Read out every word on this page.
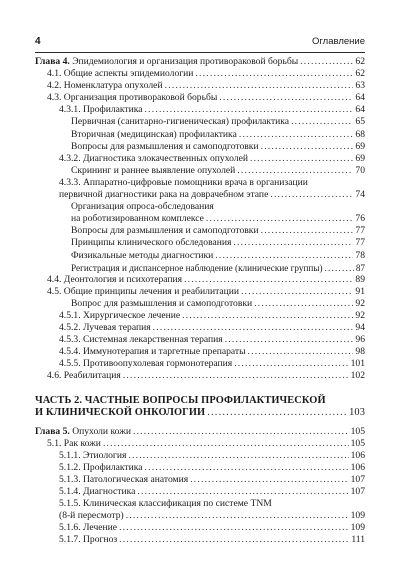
4	Оглавление
Глава 4. Эпидемиология и организация противораковой борьбы .....	62
4.1. Общие аспекты эпидемиологии .....	62
4.2. Номенклатура опухолей .....	63
4.3. Организация противораковой борьбы .....	64
4.3.1. Профилактика .....	64
Первичная (санитарно-гигиеническая) профилактика .....	65
Вторичная (медицинская) профилактика .....	68
Вопросы для размышления и самоподготовки .....	69
4.3.2. Диагностика злокачественных опухолей .....	69
Скрининг и раннее выявление опухолей .....	70
4.3.3. Аппаратно-цифровые помощники врача в организации
первичной диагностики рака на доврачебном этапе .....	74
Организация опроса-обследования
на роботизированном комплексе .....	76
Вопросы для размышления и самоподготовки .....	77
Принципы клинического обследования .....	77
Физикальные методы диагностики .....	78
Регистрация и диспансерное наблюдение (клинические группы) .....	87
4.4. Деонтология и психотерапия .....	89
4.5. Общие принципы лечения и реабилитации .....	91
Вопрос для размышления и самоподготовки .....	92
4.5.1. Хирургическое лечение .....	92
4.5.2. Лучевая терапия .....	94
4.5.3. Системная лекарственная терапия .....	96
4.5.4. Иммунотерапия и таргетные препараты .....	98
4.5.5. Противоопухолевая гормонотерапия .....	101
4.6. Реабилитация .....	102
ЧАСТЬ 2. ЧАСТНЫЕ ВОПРОСЫ ПРОФИЛАКТИЧЕСКОЙ
И КЛИНИЧЕСКОЙ ОНКОЛОГИИ .....	103
Глава 5. Опухоли кожи .....	105
5.1. Рак кожи .....	105
5.1.1. Этиология .....	106
5.1.2. Профилактика .....	106
5.1.3. Патологическая анатомия .....	107
5.1.4. Диагностика .....	107
5.1.5. Клиническая классификация по системе TNM
(8-й пересмотр) .....	109
5.1.6. Лечение .....	109
5.1.7. Прогноз .....	111
